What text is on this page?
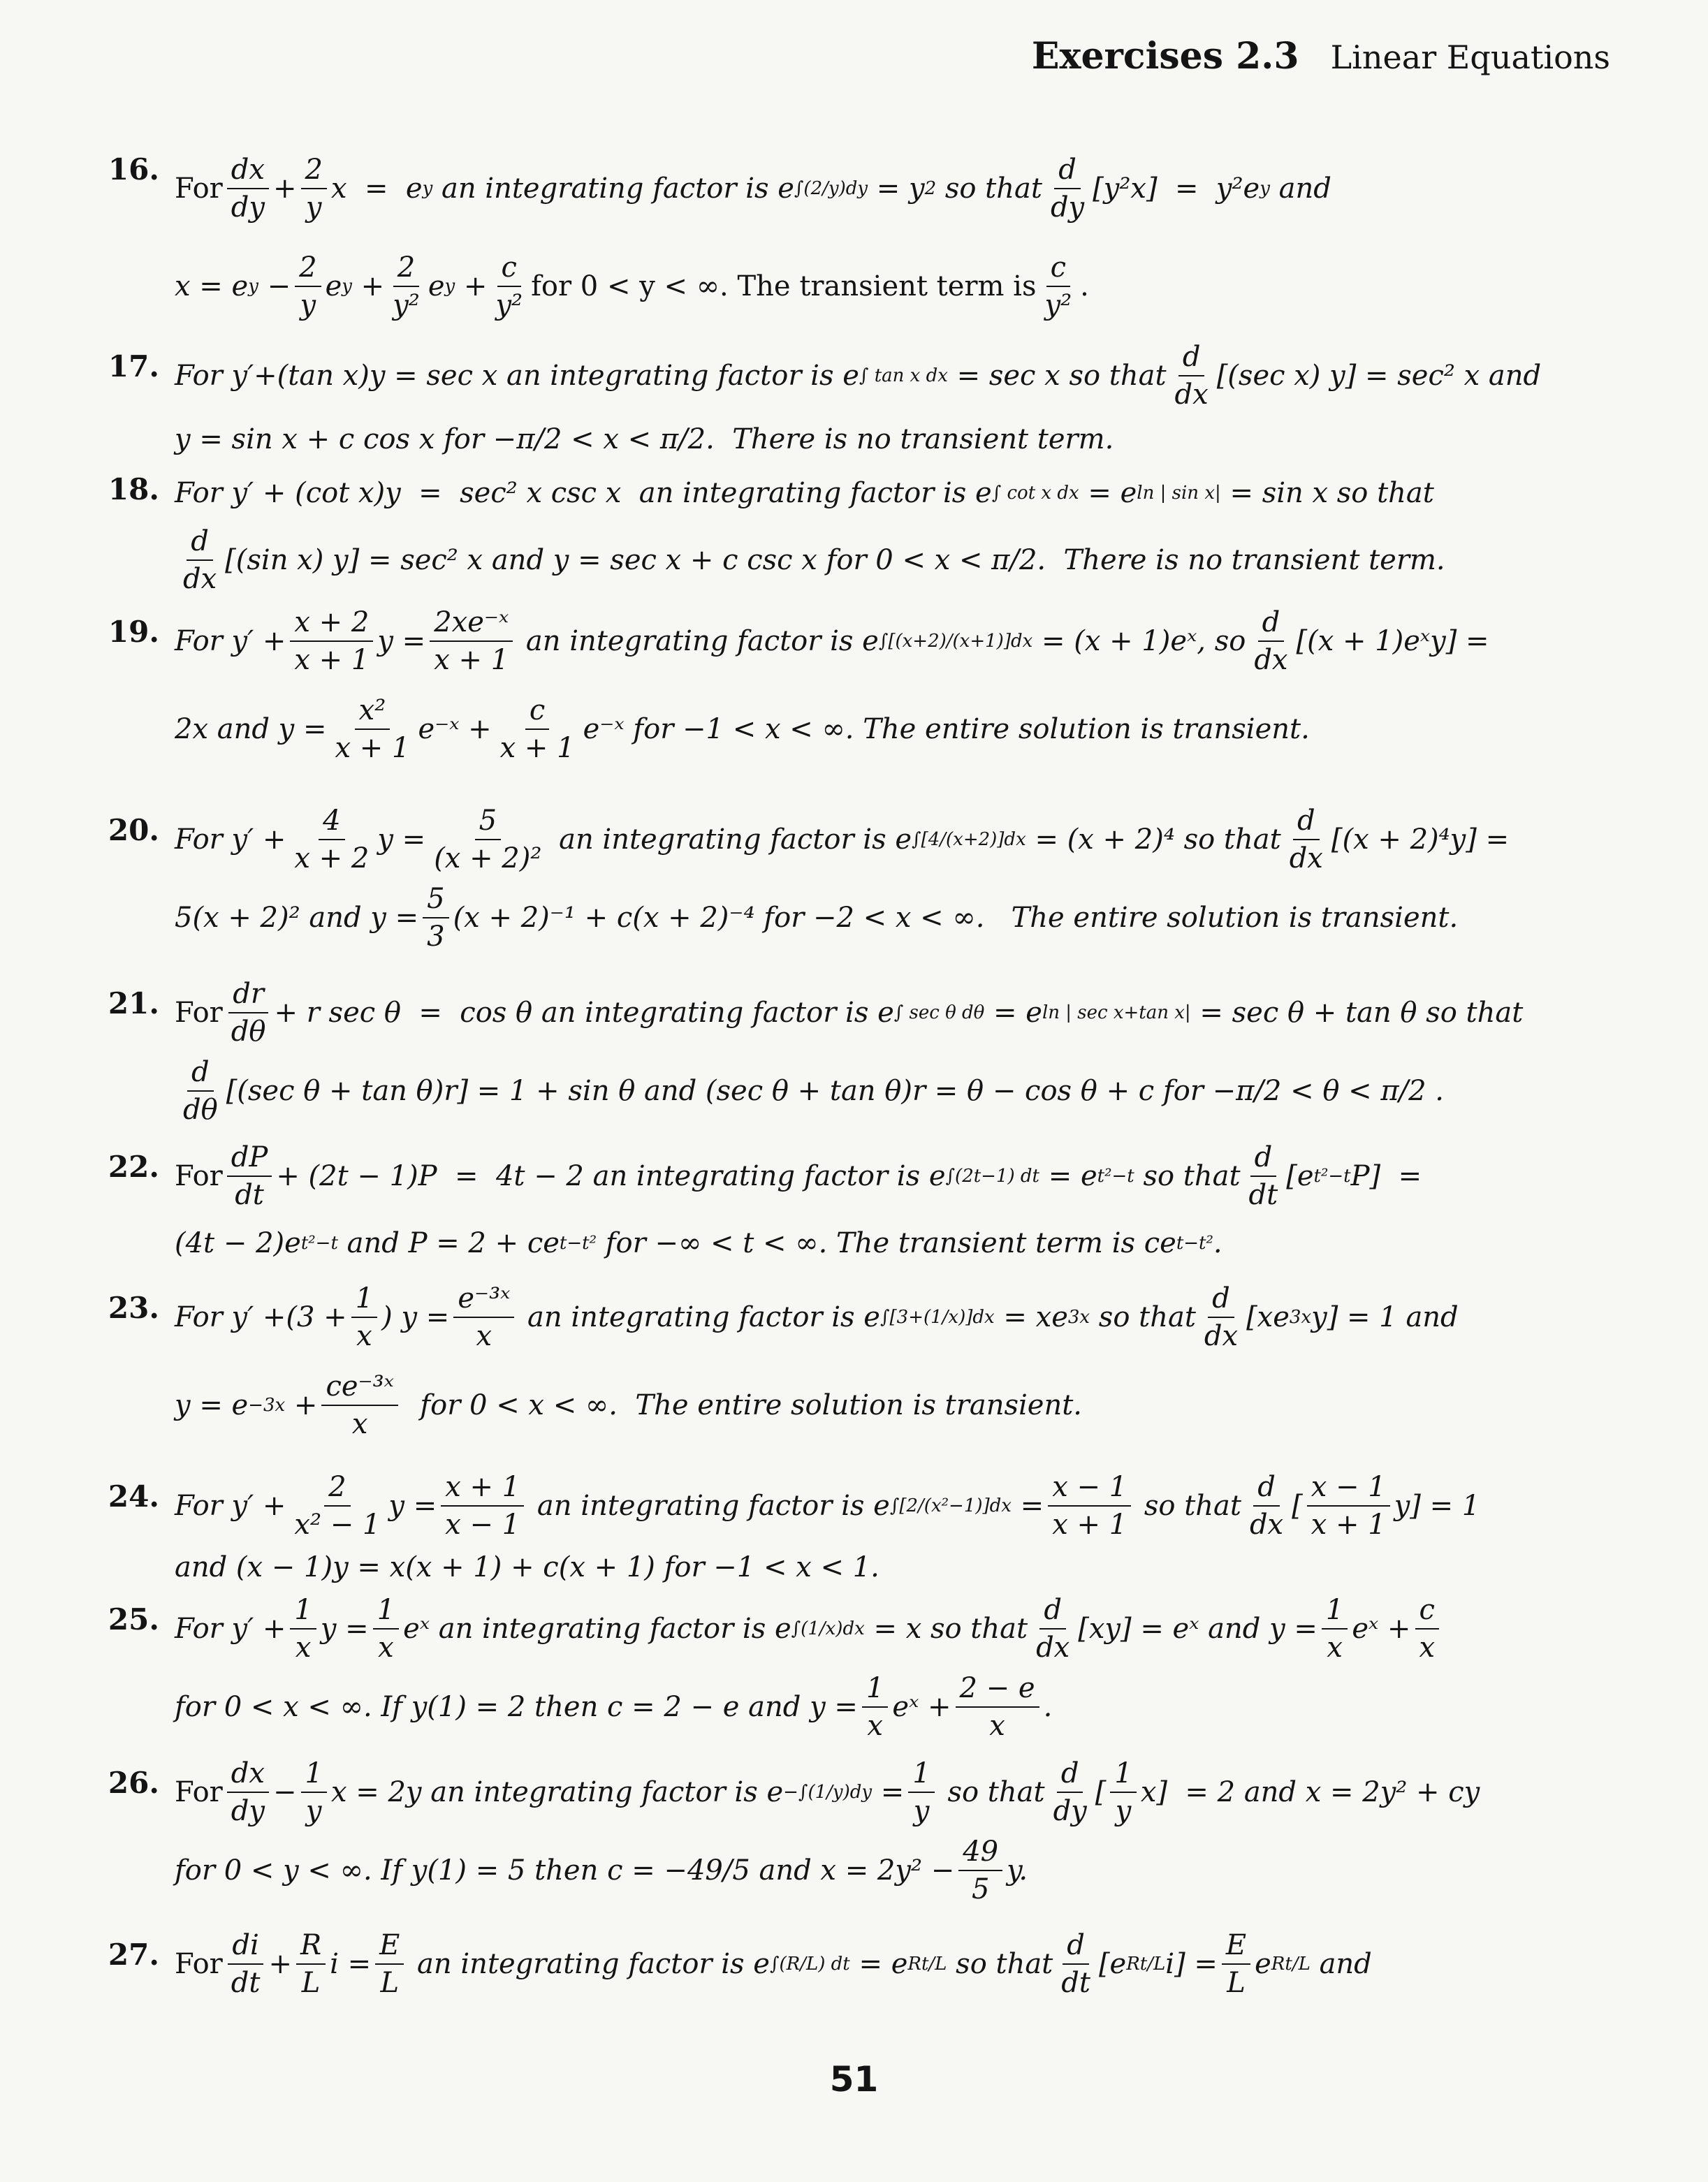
Exercises 2.3 Linear Equations
16.
For $\frac{dx}{dy} + \frac{2}{y}$ x  =  e y an integrating factor is e ∫(2/y)dy = y 2 so that $\frac{d}{dy} [y^2x] = y^2e$ y and
x = e $y - \frac{2}{y}$ e $y + \frac{2}{\text{y²}}$ e $y + \frac{c}{\text{y²}}$ for 0 < y < ∞. The transient term is $\frac{c}{\text{y²}}$ .
17. For y′+(tan x)y = sec x an integrating factor is e ∫ tan x dx = sec x so that $\frac{d}{dx} [(\sec$ x) y] = sec² x and
y = sin x + c cos x for −π/2 < x < π/2.  There is no transient term.
18. For y′ + (cot x)y  =  sec² x csc x  an integrating factor is e ∫ cot x dx = e ln | sin x| = sin x so that
$\frac{d}{dx} [(\sin$ x) y] = sec² x and y = sec x + c csc x for 0 < x < π/2.  There is no transient term.
19. For $y' + \frac{x + 2}{x + 1}$ $y = \frac{\text{2xe⁻ˣ}}{x + 1}$ an integrating factor is e ∫[(x+2)/(x+1)]dx = (x + 1)eˣ, so $\frac{d}{dx} [(x$ + 1)eˣy] =
2x and $y = \frac{\text{x²}}{x + 1}$ e⁻ˣ + $\frac{c}{x + 1}$ e⁻ˣ for −1 < x < ∞. The entire solution is transient.
20. For $y' + \frac{4}{x + 2}$ $y = \frac{5}{\text{(x + 2)²}}$ an integrating factor is e ∫[4/(x+2)]dx = (x + 2)⁴ so that $\frac{d}{dx} [(x + 2)^4y]$ =
5(x + 2)² and $y = \frac{5}{3} (x + 2)^{-1} + c(x + 2)^{-4}$ for −2 < x < ∞.   The entire solution is transient.
21. For $\frac{dr}{d\theta} + r$ sec θ  =  cos θ an integrating factor is e ∫ sec θ dθ = e ln | sec x+tan x| = sec θ + tan θ so that
$\frac{d}{d\theta} [(\sec$ θ + tan θ)r] = 1 + sin θ and (sec θ + tan θ)r = θ − cos θ + c for −π/2 < θ < π/2 .
22. For $\frac{dP}{dt} + (2t - 1)P = 4t - 2$ an integrating factor is e ∫(2t−1) dt = e t²−t so that $\frac{d}{dt} [e$ t²−t P]  =
(4t − 2)e t²−t and P = 2 + ce t−t² for −∞ < t < ∞. The transient term is ce t−t² .
23. For $y' + (3 + \frac{1}{x}$ ) $y = \frac{\text{e⁻³ˣ}}{x}$ an integrating factor is e ∫[3+(1/x)]dx = xe 3x so that $\frac{d}{dx} [xe$ 3x y] = 1 and
$y = e -3x + \frac{\text{ce⁻³ˣ}}{x}$ for 0 < x < ∞.  The entire solution is transient.
24. For $y' + \frac{2}{\text{x² − 1}}$ $y = \frac{x + 1}{x - 1}$ an integrating factor is e $\int[2/(x^2-1)]dx = \frac{x - 1}{x + 1}$ so that $\frac{d}{dx}$ [ $\frac{x - 1}{x + 1} y] = 1$
and (x − 1)y = x(x + 1) + c(x + 1) for −1 < x < 1.
25. For $y' + \frac{1}{x}$ $y = \frac{1}{x}$ eˣ an integrating factor is e ∫(1/x)dx = x so that $\frac{d}{dx} [xy]$ = eˣ and $y = \frac{1}{x}$ eˣ + $\frac{c}{x}$
for 0 < x < ∞. If y(1) = 2 then c = 2 − e and $y = \frac{1}{x}$ eˣ + $\frac{2 - e}{x}$ .
26. For $\frac{dx}{dy} - \frac{1}{y}$ x = 2y an integrating factor is $e -\int(1/y)dy = \frac{1}{y}$ so that $\frac{d}{dy}$ [ $\frac{1}{y} x] = 2$ and x = 2y² + cy
for 0 < y < ∞. If y(1) = 5 then c = −49/5 and $x = 2y^2 - \frac{49}{5} y$.
27. For $\frac{di}{dt} + \frac{R}{L}$ $i = \frac{E}{L}$ an integrating factor is e ∫(R/L) dt = e Rt/L so that $\frac{d}{dt} [e$ Rt/L $i] = \frac{E}{L}$ e Rt/L and
51
